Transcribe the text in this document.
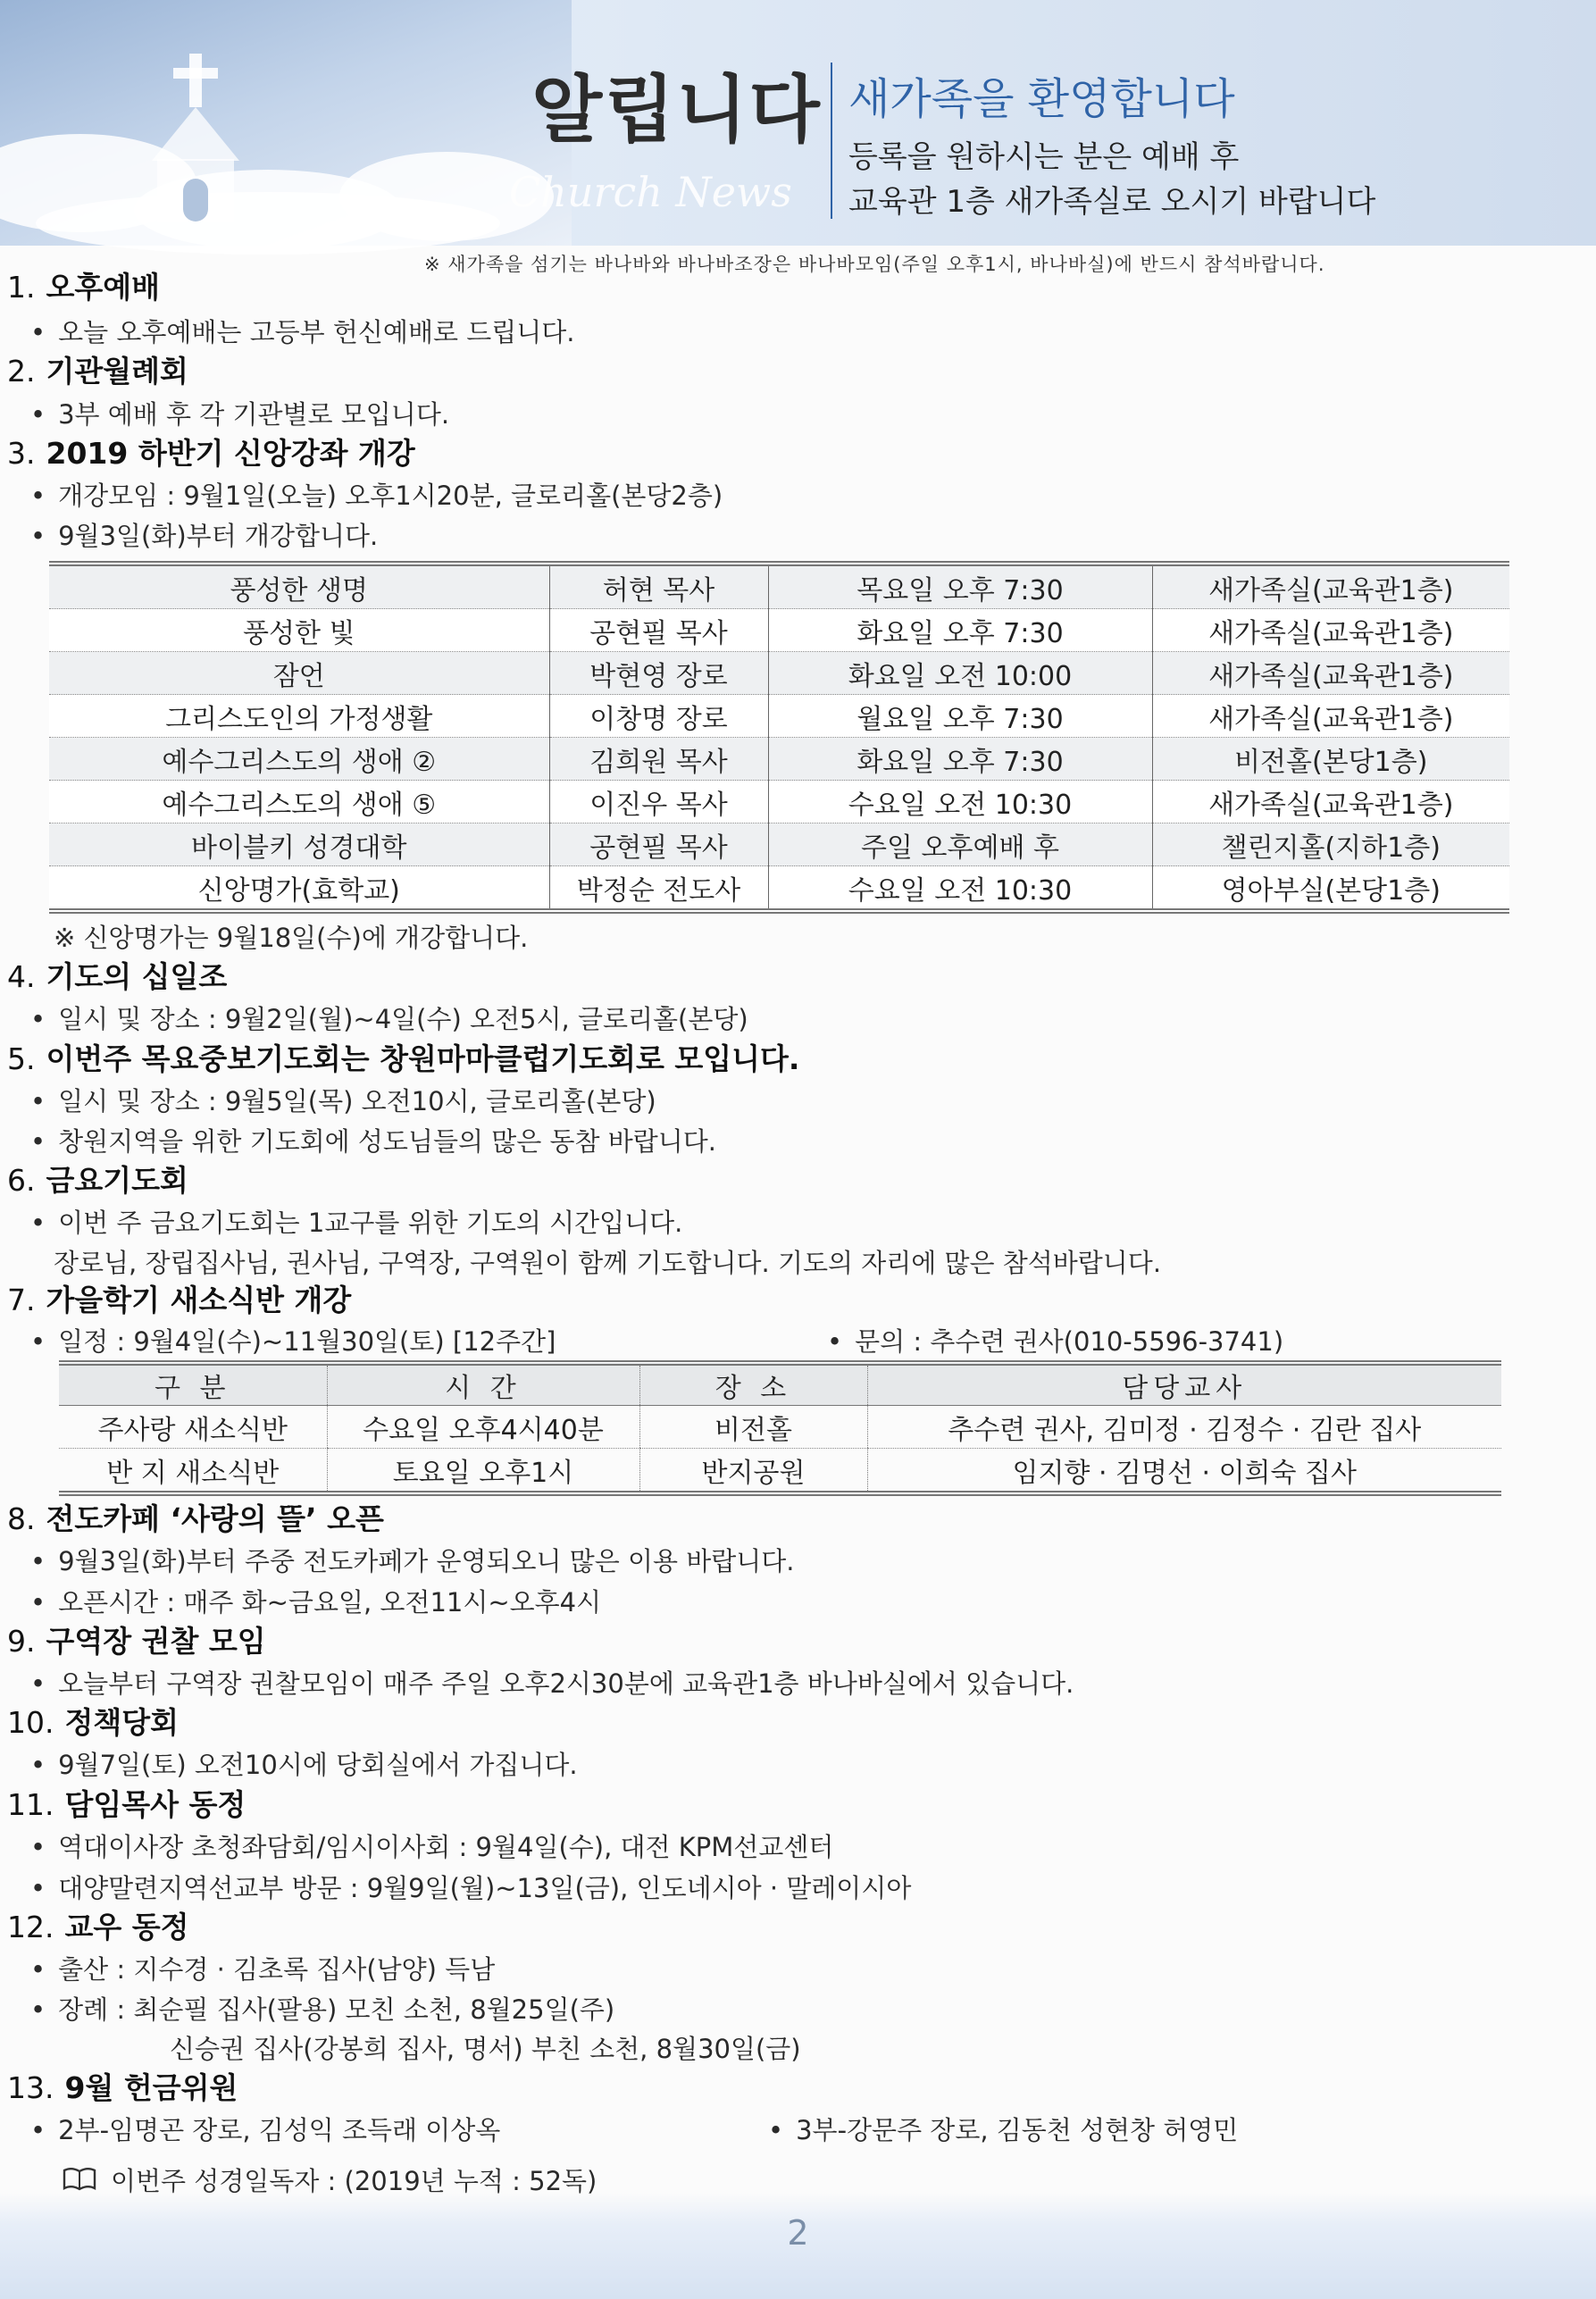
알립니다
Church News
새가족을 환영합니다
등록을 원하시는 분은 예배 후
교육관 1층 새가족실로 오시기 바랍니다
※ 새가족을 섬기는 바나바와 바나바조장은 바나바모임(주일 오후1시, 바나바실)에 반드시 참석바랍니다.
1. 오후예배
• 오늘 오후예배는 고등부 헌신예배로 드립니다.
2. 기관월례회
• 3부 예배 후 각 기관별로 모입니다.
3. 2019 하반기 신앙강좌 개강
• 개강모임 : 9월1일(오늘) 오후1시20분, 글로리홀(본당2층)
• 9월3일(화)부터 개강합니다.
풍성한 생명	허현 목사	목요일 오후 7:30	새가족실(교육관1층)
풍성한 빛	공현필 목사	화요일 오후 7:30	새가족실(교육관1층)
잠언	박현영 장로	화요일 오전 10:00	새가족실(교육관1층)
그리스도인의 가정생활	이창명 장로	월요일 오후 7:30	새가족실(교육관1층)
예수그리스도의 생애 ②	김희원 목사	화요일 오후 7:30	비전홀(본당1층)
예수그리스도의 생애 ⑤	이진우 목사	수요일 오전 10:30	새가족실(교육관1층)
바이블키 성경대학	공현필 목사	주일 오후예배 후	챌린지홀(지하1층)
신앙명가(효학교)	박정순 전도사	수요일 오전 10:30	영아부실(본당1층)
※ 신앙명가는 9월18일(수)에 개강합니다.
4. 기도의 십일조
• 일시 및 장소 : 9월2일(월)~4일(수) 오전5시, 글로리홀(본당)
5. 이번주 목요중보기도회는 창원마마클럽기도회로 모입니다.
• 일시 및 장소 : 9월5일(목) 오전10시, 글로리홀(본당)
• 창원지역을 위한 기도회에 성도님들의 많은 동참 바랍니다.
6. 금요기도회
• 이번 주 금요기도회는 1교구를 위한 기도의 시간입니다.
장로님, 장립집사님, 권사님, 구역장, 구역원이 함께 기도합니다. 기도의 자리에 많은 참석바랍니다.
7. 가을학기 새소식반 개강
• 일정 : 9월4일(수)~11월30일(토) [12주간]	• 문의 : 추수련 권사(010-5596-3741)
구 분	시 간	장 소	담당교사
주사랑 새소식반	수요일 오후4시40분	비전홀	추수련 권사, 김미정 · 김정수 · 김란 집사
반 지 새소식반	토요일 오후1시	반지공원	임지향 · 김명선 · 이희숙 집사
8. 전도카페 ‘사랑의 뜰’ 오픈
• 9월3일(화)부터 주중 전도카페가 운영되오니 많은 이용 바랍니다.
• 오픈시간 : 매주 화~금요일, 오전11시~오후4시
9. 구역장 권찰 모임
• 오늘부터 구역장 권찰모임이 매주 주일 오후2시30분에 교육관1층 바나바실에서 있습니다.
10. 정책당회
• 9월7일(토) 오전10시에 당회실에서 가집니다.
11. 담임목사 동정
• 역대이사장 초청좌담회/임시이사회 : 9월4일(수), 대전 KPM선교센터
• 대양말련지역선교부 방문 : 9월9일(월)~13일(금), 인도네시아 · 말레이시아
12. 교우 동정
• 출산 : 지수경 · 김초록 집사(남양) 득남
• 장례 : 최순필 집사(팔용) 모친 소천, 8월25일(주)
신승권 집사(강봉희 집사, 명서) 부친 소천, 8월30일(금)
13. 9월 헌금위원
• 2부-임명곤 장로, 김성익 조득래 이상옥	• 3부-강문주 장로, 김동천 성현창 허영민
이번주 성경일독자 : (2019년 누적 : 52독)
2
